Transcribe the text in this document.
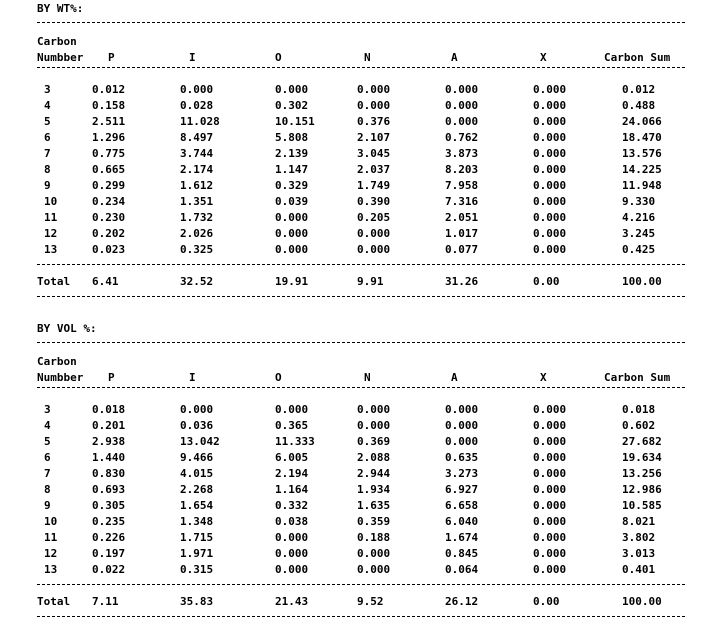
BY WT%:
Carbon
Numbber P	I	O	N	A	X	Carbon Sum
3	0.012	0.000	0.000	0.000	0.000	0.000	0.012
4	0.158	0.028	0.302	0.000	0.000	0.000	0.488
5	2.511	11.028	10.151	0.376	0.000	0.000	24.066
6	1.296	8.497	5.808	2.107	0.762	0.000	18.470
7	0.775	3.744	2.139	3.045	3.873	0.000	13.576
8	0.665	2.174	1.147	2.037	8.203	0.000	14.225
9	0.299	1.612	0.329	1.749	7.958	0.000	11.948
10	0.234	1.351	0.039	0.390	7.316	0.000	9.330
11	0.230	1.732	0.000	0.205	2.051	0.000	4.216
12	0.202	2.026	0.000	0.000	1.017	0.000	3.245
13	0.023	0.325	0.000	0.000	0.077	0.000	0.425
Total 6.41	32.52	19.91	9.91	31.26	0.00	100.00
BY VOL %:
Carbon
Numbber P	I	O	N	A	X	Carbon Sum
3	0.018	0.000	0.000	0.000	0.000	0.000	0.018
4	0.201	0.036	0.365	0.000	0.000	0.000	0.602
5	2.938	13.042	11.333	0.369	0.000	0.000	27.682
6	1.440	9.466	6.005	2.088	0.635	0.000	19.634
7	0.830	4.015	2.194	2.944	3.273	0.000	13.256
8	0.693	2.268	1.164	1.934	6.927	0.000	12.986
9	0.305	1.654	0.332	1.635	6.658	0.000	10.585
10	0.235	1.348	0.038	0.359	6.040	0.000	8.021
11	0.226	1.715	0.000	0.188	1.674	0.000	3.802
12	0.197	1.971	0.000	0.000	0.845	0.000	3.013
13	0.022	0.315	0.000	0.000	0.064	0.000	0.401
Total 7.11	35.83	21.43	9.52	26.12	0.00	100.00
